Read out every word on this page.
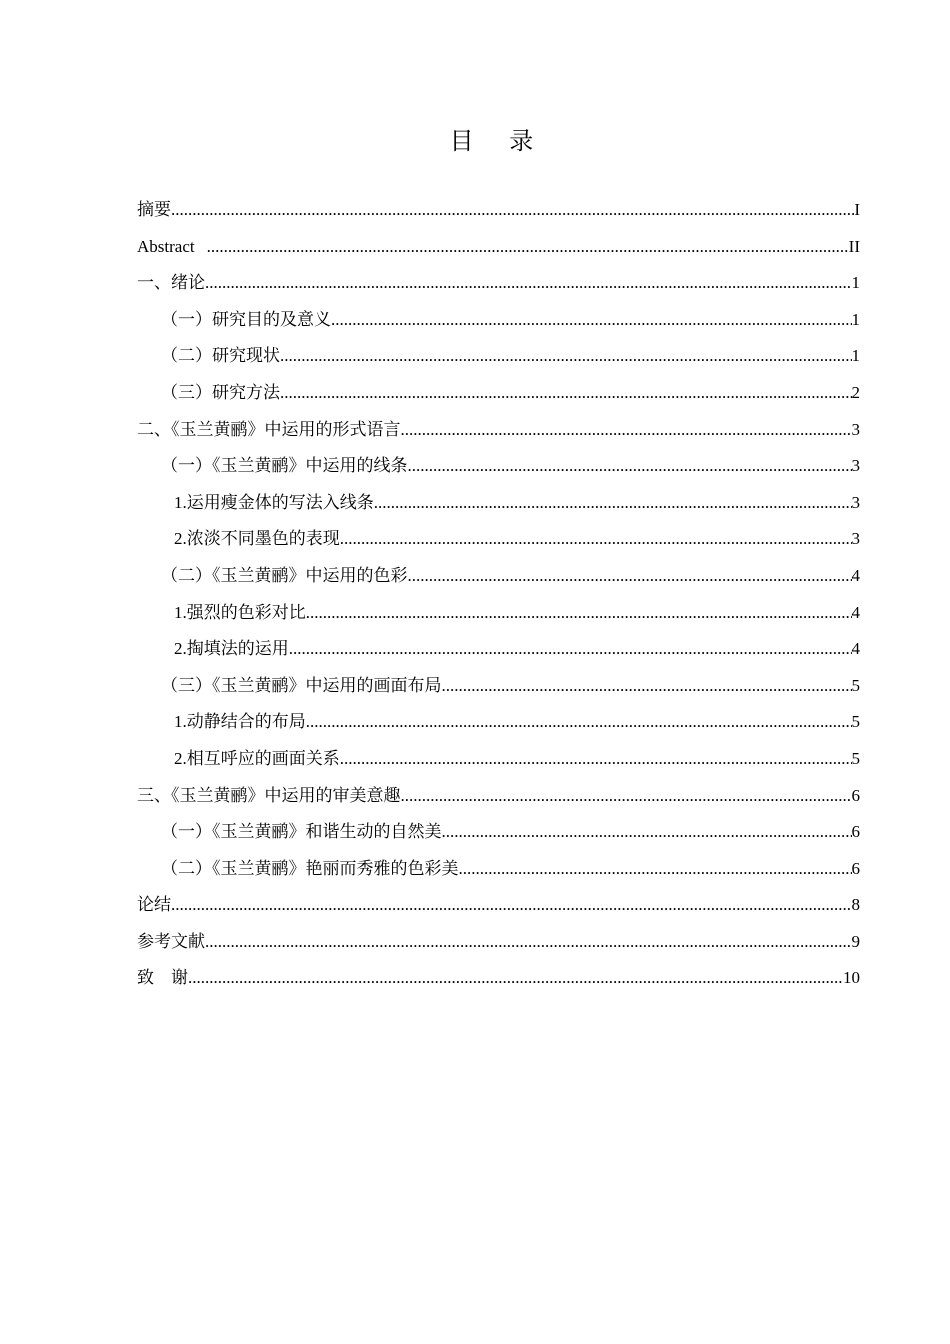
目 录
摘要 .....	I
Abstract .....	II
一、绪论 .....	1
（一）研究目的及意义 .....	1
（二）研究现状 .....	1
（三）研究方法 .....	2
二、《玉兰黄鹂》中运用的形式语言 .....	3
（一）《玉兰黄鹂》中运用的线条 .....	3
1.运用瘦金体的写法入线条 .....	3
2.浓淡不同墨色的表现 .....	3
（二）《玉兰黄鹂》中运用的色彩 .....	4
1.强烈的色彩对比 .....	4
2.掏填法的运用 .....	4
（三）《玉兰黄鹂》中运用的画面布局 .....	5
1.动静结合的布局 .....	5
2.相互呼应的画面关系 .....	5
三、《玉兰黄鹂》中运用的审美意趣 .....	6
（一）《玉兰黄鹂》和谐生动的自然美 .....	6
（二）《玉兰黄鹂》艳丽而秀雅的色彩美 .....	6
论结 .....	8
参考文献 .....	9
致　谢 .....	10
